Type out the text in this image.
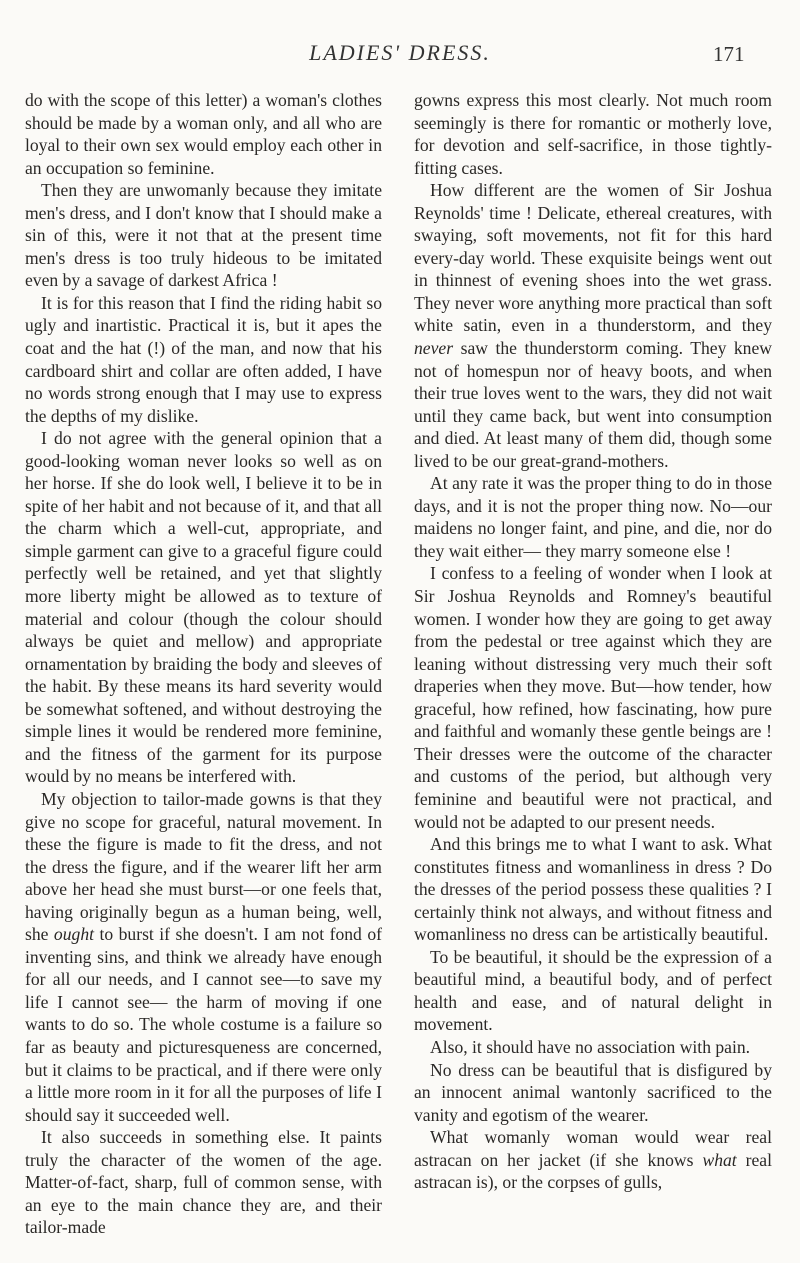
LADIES' DRESS.	171

do with the scope of this letter) a woman's clothes should be made by a woman only, and all who are loyal to their own sex would employ each other in an occupation so feminine.

Then they are unwomanly because they imitate men's dress, and I don't know that I should make a sin of this, were it not that at the present time men's dress is too truly hideous to be imitated even by a savage of darkest Africa !

It is for this reason that I find the riding habit so ugly and inartistic. Practical it is, but it apes the coat and the hat (!) of the man, and now that his cardboard shirt and collar are often added, I have no words strong enough that I may use to express the depths of my dislike.

I do not agree with the general opinion that a good-looking woman never looks so well as on her horse. If she do look well, I believe it to be in spite of her habit and not because of it, and that all the charm which a well-cut, appropriate, and simple garment can give to a graceful figure could perfectly well be retained, and yet that slightly more liberty might be allowed as to texture of material and colour (though the colour should always be quiet and mellow) and appropriate ornamentation by braiding the body and sleeves of the habit. By these means its hard severity would be somewhat softened, and without destroying the simple lines it would be rendered more feminine, and the fitness of the garment for its purpose would by no means be interfered with.

My objection to tailor-made gowns is that they give no scope for graceful, natural movement. In these the figure is made to fit the dress, and not the dress the figure, and if the wearer lift her arm above her head she must burst—or one feels that, having originally begun as a human being, well, she ought to burst if she doesn't. I am not fond of inventing sins, and think we already have enough for all our needs, and I cannot see—to save my life I cannot see— the harm of moving if one wants to do so. The whole costume is a failure so far as beauty and picturesqueness are concerned, but it claims to be practical, and if there were only a little more room in it for all the purposes of life I should say it succeeded well.

It also succeeds in something else. It paints truly the character of the women of the age. Matter-of-fact, sharp, full of common sense, with an eye to the main chance they are, and their tailor-made

gowns express this most clearly. Not much room seemingly is there for romantic or motherly love, for devotion and self-sacrifice, in those tightly-fitting cases.

How different are the women of Sir Joshua Reynolds' time ! Delicate, ethereal creatures, with swaying, soft movements, not fit for this hard every-day world. These exquisite beings went out in thinnest of evening shoes into the wet grass. They never wore anything more practical than soft white satin, even in a thunderstorm, and they never saw the thunderstorm coming. They knew not of homespun nor of heavy boots, and when their true loves went to the wars, they did not wait until they came back, but went into consumption and died. At least many of them did, though some lived to be our great-grand-mothers.

At any rate it was the proper thing to do in those days, and it is not the proper thing now. No—our maidens no longer faint, and pine, and die, nor do they wait either— they marry someone else !

I confess to a feeling of wonder when I look at Sir Joshua Reynolds and Romney's beautiful women. I wonder how they are going to get away from the pedestal or tree against which they are leaning without distressing very much their soft draperies when they move. But—how tender, how graceful, how refined, how fascinating, how pure and faithful and womanly these gentle beings are ! Their dresses were the outcome of the character and customs of the period, but although very feminine and beautiful were not practical, and would not be adapted to our present needs.

And this brings me to what I want to ask. What constitutes fitness and womanliness in dress ? Do the dresses of the period possess these qualities ? I certainly think not always, and without fitness and womanliness no dress can be artistically beautiful.

To be beautiful, it should be the expression of a beautiful mind, a beautiful body, and of perfect health and ease, and of natural delight in movement.

Also, it should have no association with pain.

No dress can be beautiful that is disfigured by an innocent animal wantonly sacrificed to the vanity and egotism of the wearer.

What womanly woman would wear real astracan on her jacket (if she knows what real astracan is), or the corpses of gulls,
